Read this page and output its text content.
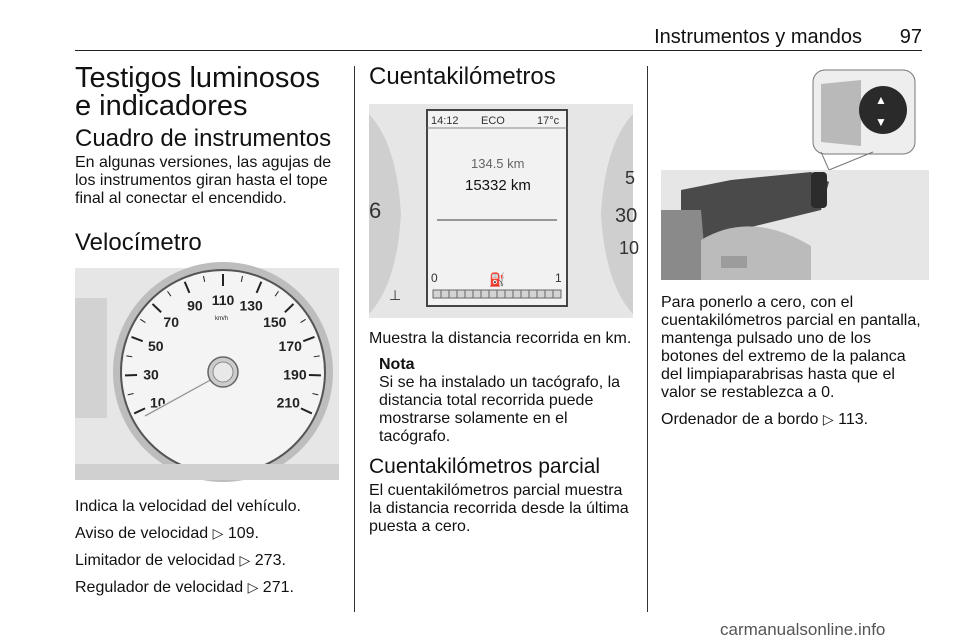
Instrumentos y mandos 97
Testigos luminosos e indicadores
Cuadro de instrumentos

En algunas versiones, las agujas de los instrumentos giran hasta el tope final al conectar el encendido.

Velocímetro
10
30
50
70
90 110 130
150
170
190
210
km/h

Indica la velocidad del vehículo.

Aviso de velocidad ▷ 109.

Limitador de velocidad ▷ 273.

Regulador de velocidad ▷ 271.

Cuentakilómetros
6
5
30
10
⊥
14:12 ECO	17°c
134.5 km
15332 km
0	1
⛽

Muestra la distancia recorrida en km.

Nota

Si se ha instalado un tacógrafo, la distancia total recorrida puede mostrarse solamente en el tacógrafo.

Cuentakilómetros parcial

El cuentakilómetros parcial muestra la distancia recorrida desde la última puesta a cero.

▲
▼

Para ponerlo a cero, con el cuentakilómetros parcial en pantalla, mantenga pulsado uno de los botones del extremo de la palanca del limpiaparabrisas hasta que el valor se restablezca a 0.

Ordenador de a bordo ▷ 113.

carmanualsonline.info
